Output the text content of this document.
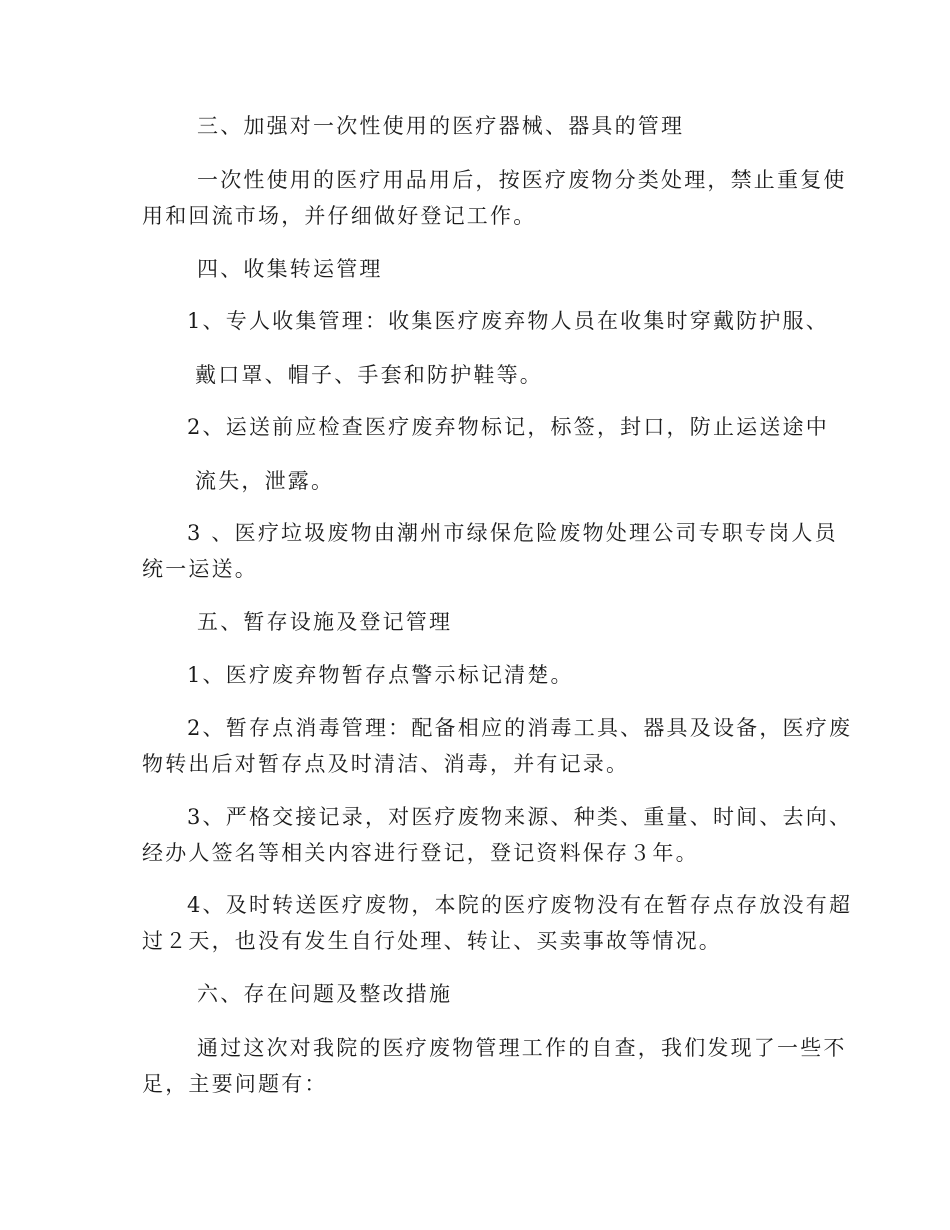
三、加强对一次性使用的医疗器械、器具的管理
一次性使用的医疗用品用后，按医疗废物分类处理，禁止重复使
用和回流市场，并仔细做好登记工作。
四、收集转运管理
1、专人收集管理：收集医疗废弃物人员在收集时穿戴防护服、
戴口罩、帽子、手套和防护鞋等。
2、运送前应检查医疗废弃物标记，标签，封口，防止运送途中
流失，泄露。
3 、医疗垃圾废物由潮州市绿保危险废物处理公司专职专岗人员
统一运送。
五、暂存设施及登记管理
1、医疗废弃物暂存点警示标记清楚。
2、暂存点消毒管理：配备相应的消毒工具、器具及设备，医疗废
物转出后对暂存点及时清洁、消毒，并有记录。
3、严格交接记录，对医疗废物来源、种类、重量、时间、去向、
经办人签名等相关内容进行登记，登记资料保存３年。
4、及时转送医疗废物，本院的医疗废物没有在暂存点存放没有超
过２天，也没有发生自行处理、转让、买卖事故等情况。
六、存在问题及整改措施
通过这次对我院的医疗废物管理工作的自查，我们发现了一些不
足，主要问题有：
